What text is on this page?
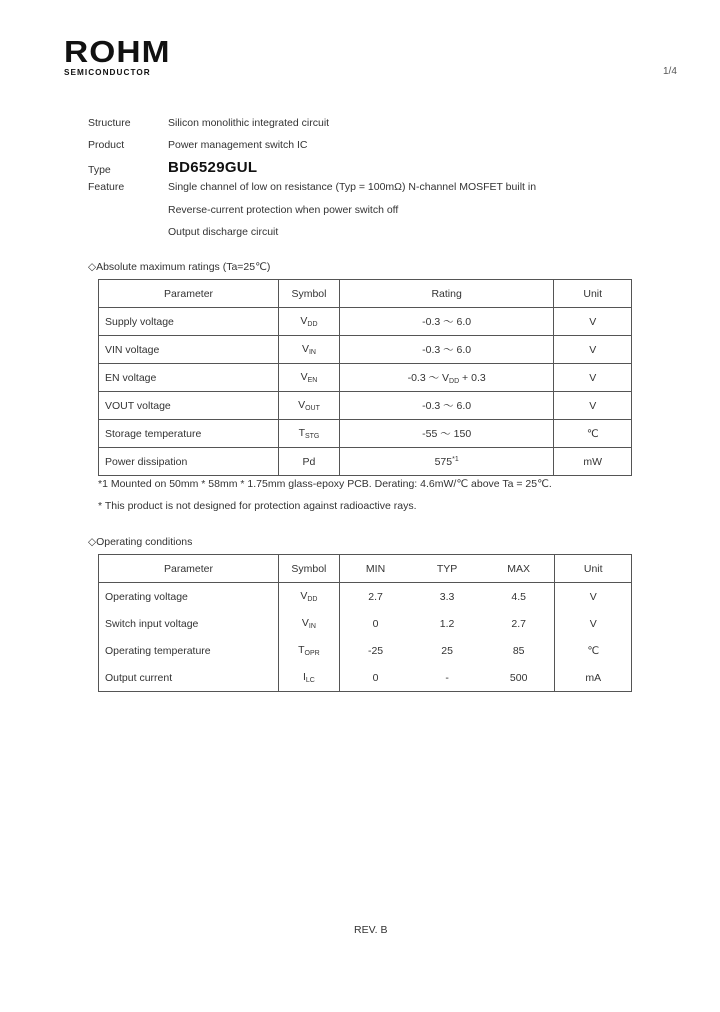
ROHM
SEMICONDUCTOR	1/4
Structure	Silicon monolithic integrated circuit
Product	Power management switch IC
Type	BD6529GUL
Feature	Single channel of low on resistance (Typ = 100mΩ) N-channel MOSFET built in
Reverse-current protection when power switch off
Output discharge circuit
◇Absolute maximum ratings (Ta=25℃)
Parameter	Symbol	Rating	Unit
Supply voltage	$V_{DD}$	-0.3 ～ 6.0	V
VIN voltage	$V_{IN}$	-0.3 ～ 6.0	V
EN voltage	$V_{EN}$	-0.3 ～ $V_{DD} + 0.3$	V
VOUT voltage	$V_{OUT}$	-0.3 ～ 6.0	V
Storage temperature	$T_{STG}$	-55 ～ 150	℃
Power dissipation	Pd	575$^{*1}$	mW
*1 Mounted on 50mm * 58mm * 1.75mm glass-epoxy PCB. Derating: 4.6mW/℃ above Ta = 25℃.
* This product is not designed for protection against radioactive rays.
◇Operating conditions
Parameter	Symbol	MIN	TYP	MAX	Unit
Operating voltage	$V_{DD}$	2.7	3.3	4.5	V
Switch input voltage	$V_{IN}$	0	1.2	2.7	V
Operating temperature	$T_{OPR}$	-25	25	85	℃
Output current	$I_{LC}$	0	-	500	mA
REV. B
